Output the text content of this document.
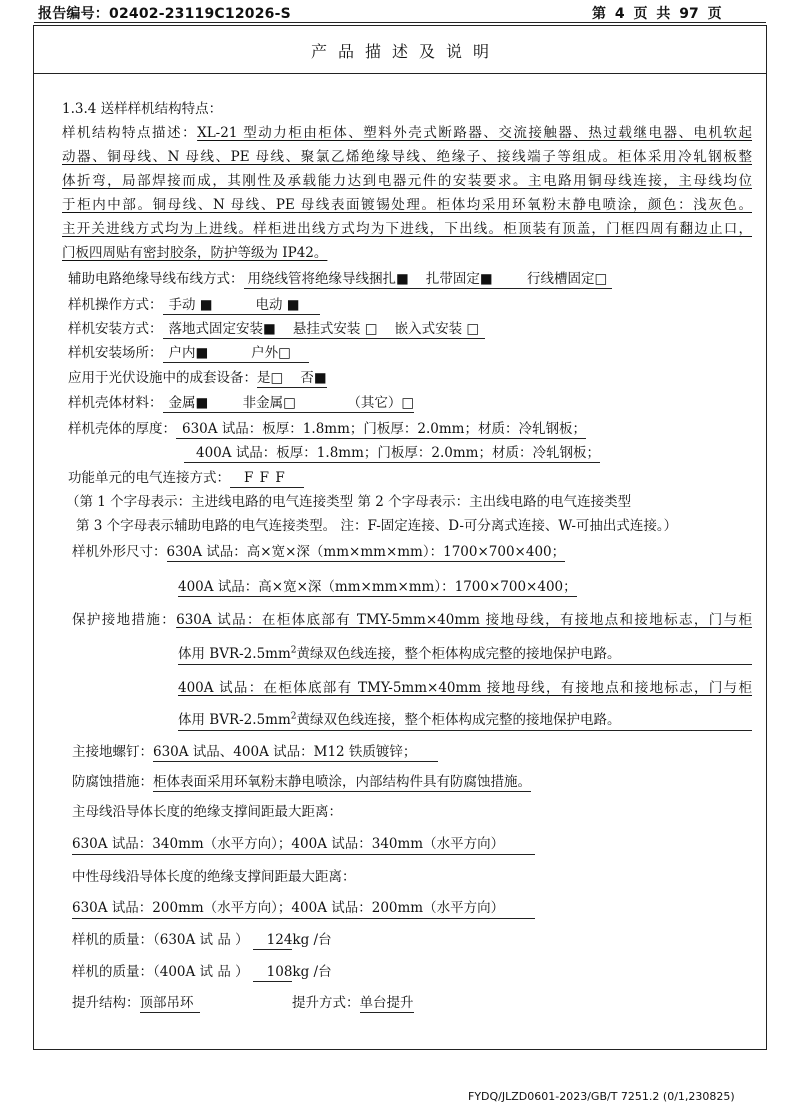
报告编号：02402-23119C12026-S	第 4 页 共 97 页
产品描述及说明
1.3.4 送样样机结构特点：
样机结构特点描述：XL-21 型动力柜由柜体、塑料外壳式断路器、交流接触器、热过载继电器、电机软起
动器、铜母线、N 母线、PE 母线、聚氯乙烯绝缘导线、绝缘子、接线端子等组成。柜体采用冷轧钢板整
体折弯，局部焊接而成，其刚性及承载能力达到电器元件的安装要求。主电路用铜母线连接，主母线均位
于柜内中部。铜母线、N 母线、PE 母线表面镀锡处理。柜体均采用环氧粉末静电喷涂，颜色：浅灰色。
主开关进线方式均为上进线。样柜进出线方式均为下进线，下出线。柜顶装有顶盖，门框四周有翻边止口，
门板四周贴有密封胶条，防护等级为 IP42。
辅助电路绝缘导线布线方式： 用绕线管将绝缘导线捆扎■    扎带固定■        行线槽固定□
样机操作方式： 手动 ■          电动 ■
样机安装方式： 落地式固定安装■    悬挂式安装 □    嵌入式安装 □
样机安装场所： 户内■          户外□
应用于光伏设施中的成套设备：是□    否■
样机壳体材料： 金属■        非金属□            （其它）□
样机壳体的厚度： 630A 试品：板厚：1.8mm；门板厚：2.0mm；材质：冷轧钢板；
400A 试品：板厚：1.8mm；门板厚：2.0mm；材质：冷轧钢板；
功能单元的电气连接方式： F F F
（第 1 个字母表示：主进线电路的电气连接类型 第 2 个字母表示：主出线电路的电气连接类型
第 3 个字母表示辅助电路的电气连接类型。 注：F-固定连接、D-可分离式连接、W-可抽出式连接。）
样机外形尺寸：630A 试品：高×宽×深（mm×mm×mm）：1700×700×400；
400A 试品：高×宽×深（mm×mm×mm）：1700×700×400；
保护接地措施：630A 试品：在柜体底部有 TMY-5mm×40mm 接地母线，有接地点和接地标志，门与柜
体用 BVR-$2.5mm^2$黄绿双色线连接，整个柜体构成完整的接地保护电路。
400A 试品：在柜体底部有 TMY-5mm×40mm 接地母线，有接地点和接地标志，门与柜
体用 BVR-$2.5mm^2$黄绿双色线连接，整个柜体构成完整的接地保护电路。
主接地螺钉：630A 试品、400A 试品：M12 铁质镀锌；
防腐蚀措施：柜体表面采用环氧粉末静电喷涂，内部结构件具有防腐蚀措施。
主母线沿导体长度的绝缘支撑间距最大距离：
630A 试品：340mm（水平方向）；400A 试品：340mm（水平方向）
中性母线沿导体长度的绝缘支撑间距最大距离：
630A 试品：200mm（水平方向）；400A 试品：200mm（水平方向）
样机的质量：（630A 试 品 ） 124kg /台
样机的质量：（400A 试 品 ） 108kg /台
提升结构：顶部吊环	提升方式：单台提升
FYDQ/JLZD0601-2023/GB/T 7251.2 (0/1,230825)
